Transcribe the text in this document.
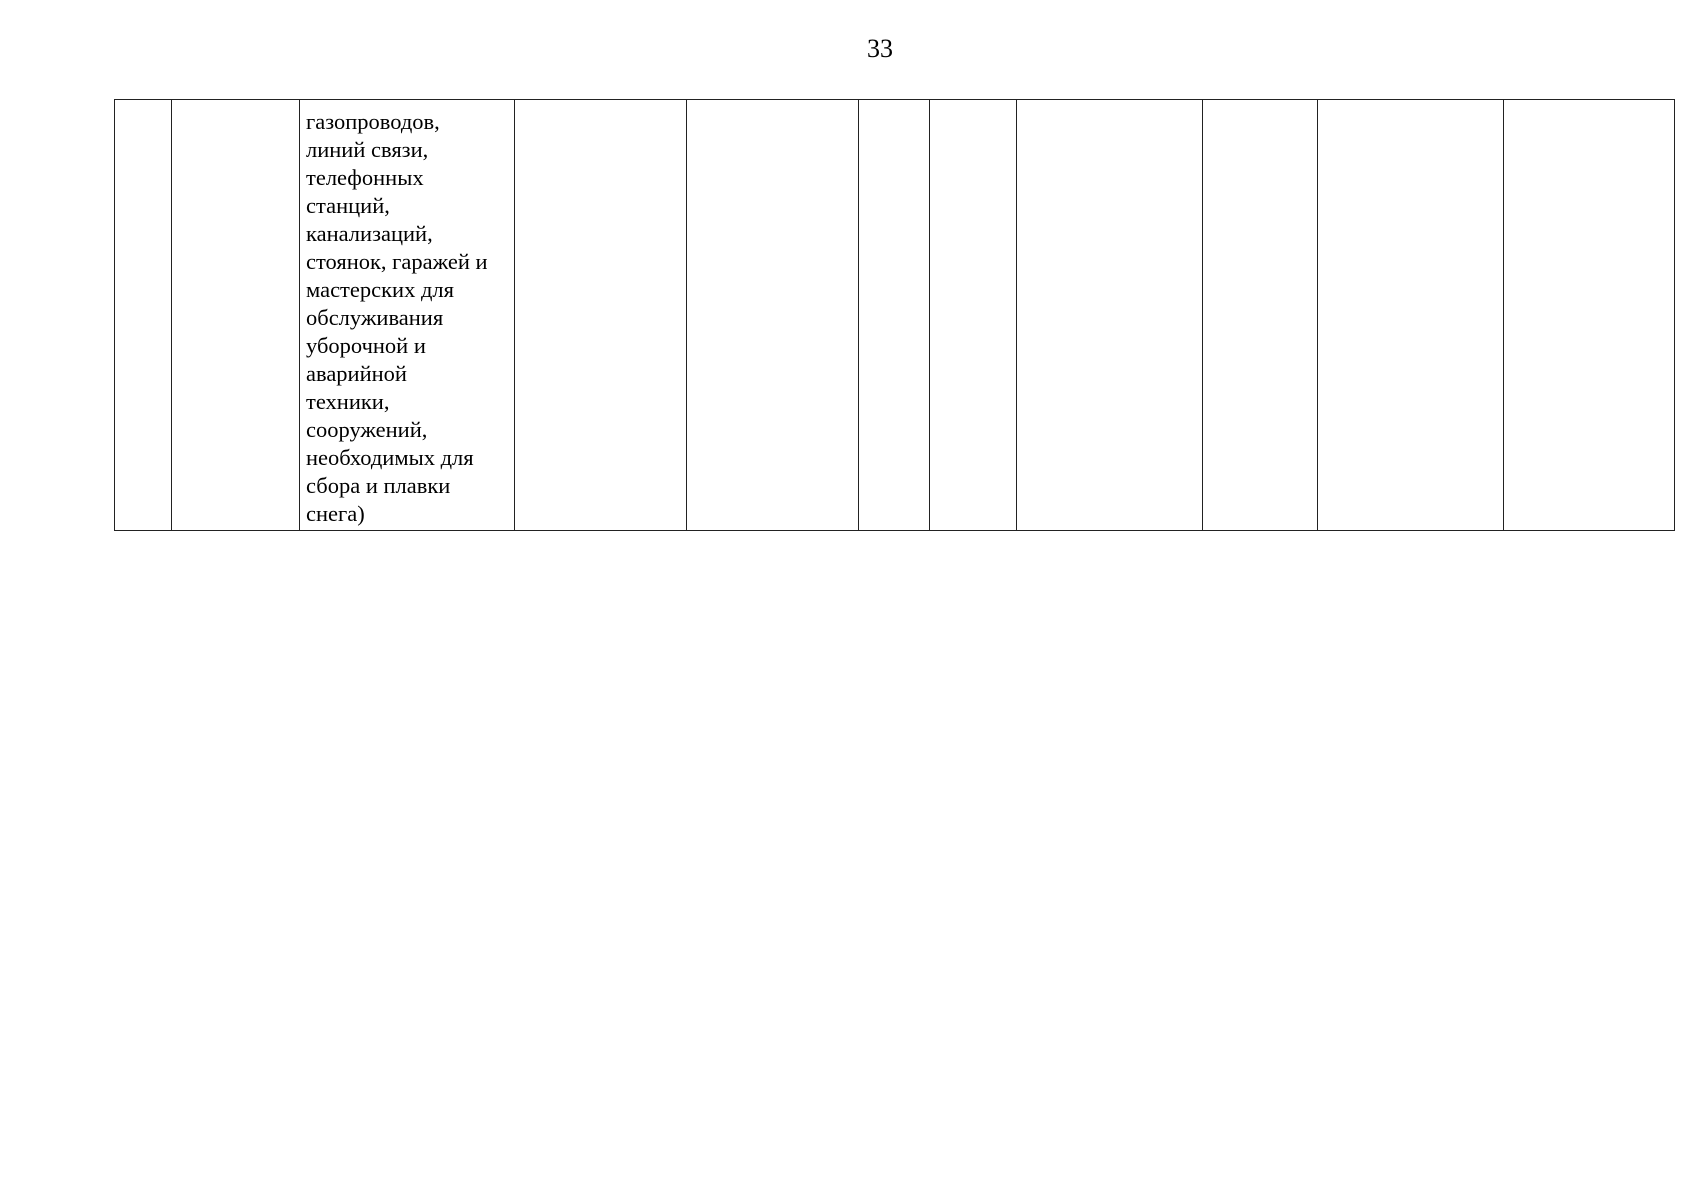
33

газопроводов,
линий связи,
телефонных
станций,
канализаций,
стоянок, гаражей и
мастерских для
обслуживания
уборочной и
аварийной
техники,
сооружений,
необходимых для
сбора и плавки
снега)
